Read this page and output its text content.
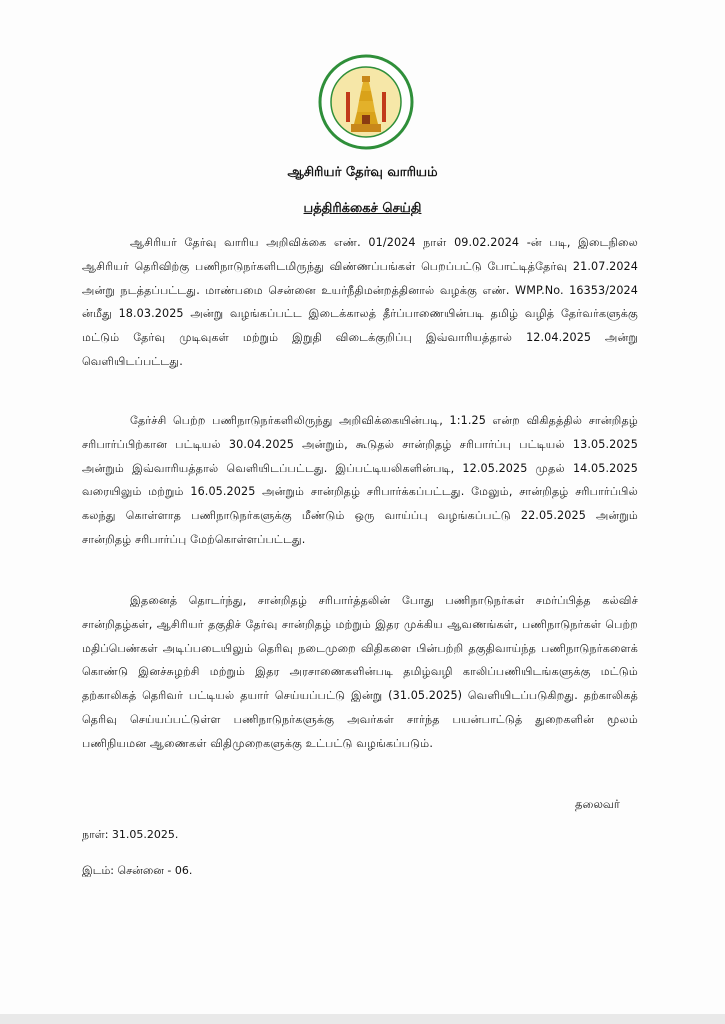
ஆசிரியர் தேர்வு வாரியம்
பத்திரிக்கைச் செய்தி
ஆசிரியர் தேர்வு வாரிய அறிவிக்கை எண். 01/2024 நாள் 09.02.2024 -ன் படி, இடைநிலை ஆசிரியர் தெரிவிற்கு பணிநாடுநர்களிடமிருந்து விண்ணப்பங்கள் பெறப்பட்டு போட்டித்தேர்வு 21.07.2024 அன்று நடத்தப்பட்டது. மாண்பமை சென்னை உயர்நீதிமன்றத்தினால் வழக்கு எண். WMP.No. 16353/2024 ன்மீது 18.03.2025 அன்று வழங்கப்பட்ட இடைக்காலத் தீர்ப்பாணையின்படி தமிழ் வழித் தேர்வர்களுக்கு மட்டும் தேர்வு முடிவுகள் மற்றும் இறுதி விடைக்குறிப்பு இவ்வாரியத்தால் 12.04.2025 அன்று வெளியிடப்பட்டது.
தேர்ச்சி பெற்ற பணிநாடுநர்களிலிருந்து அறிவிக்கையின்படி, 1:1.25 என்ற விகிதத்தில் சான்றிதழ் சரிபார்ப்பிற்கான பட்டியல் 30.04.2025 அன்றும், கூடுதல் சான்றிதழ் சரிபார்ப்பு பட்டியல் 13.05.2025 அன்றும் இவ்வாரியத்தால் வெளியிடப்பட்டது. இப்பட்டியலிகளின்படி, 12.05.2025 முதல் 14.05.2025 வரையிலும் மற்றும் 16.05.2025 அன்றும் சான்றிதழ் சரிபார்க்கப்பட்டது. மேலும், சான்றிதழ் சரிபார்ப்பில் கலந்து கொள்ளாத பணிநாடுநர்களுக்கு மீண்டும் ஒரு வாய்ப்பு வழங்கப்பட்டு 22.05.2025 அன்றும் சான்றிதழ் சரிபார்ப்பு மேற்கொள்ளப்பட்டது.
இதனைத் தொடர்ந்து, சான்றிதழ் சரிபார்த்தலின் போது பணிநாடுநர்கள் சமர்ப்பித்த கல்விச் சான்றிதழ்கள், ஆசிரியர் தகுதிச் தேர்வு சான்றிதழ் மற்றும் இதர முக்கிய ஆவணங்கள், பணிநாடுநர்கள் பெற்ற மதிப்பெண்கள் அடிப்படையிலும் தெரிவு நடைமுறை விதிகளை பின்பற்றி தகுதிவாய்ந்த பணிநாடுநர்களைக் கொண்டு இனச்சுழற்சி மற்றும் இதர அரசாணைகளின்படி தமிழ்வழி காலிப்பணியிடங்களுக்கு மட்டும் தற்காலிகத் தெரிவர் பட்டியல் தயார் செய்யப்பட்டு இன்று (31.05.2025) வெளியிடப்படுகிறது. தற்காலிகத் தெரிவு செய்யப்பட்டுள்ள பணிநாடுநர்களுக்கு அவர்கள் சார்ந்த பயன்பாட்டுத் துறைகளின் மூலம் பணிநியமன ஆணைகள் விதிமுறைகளுக்கு உட்பட்டு வழங்கப்படும்.
தலைவர்
நாள்: 31.05.2025.
இடம்: சென்னை - 06.
